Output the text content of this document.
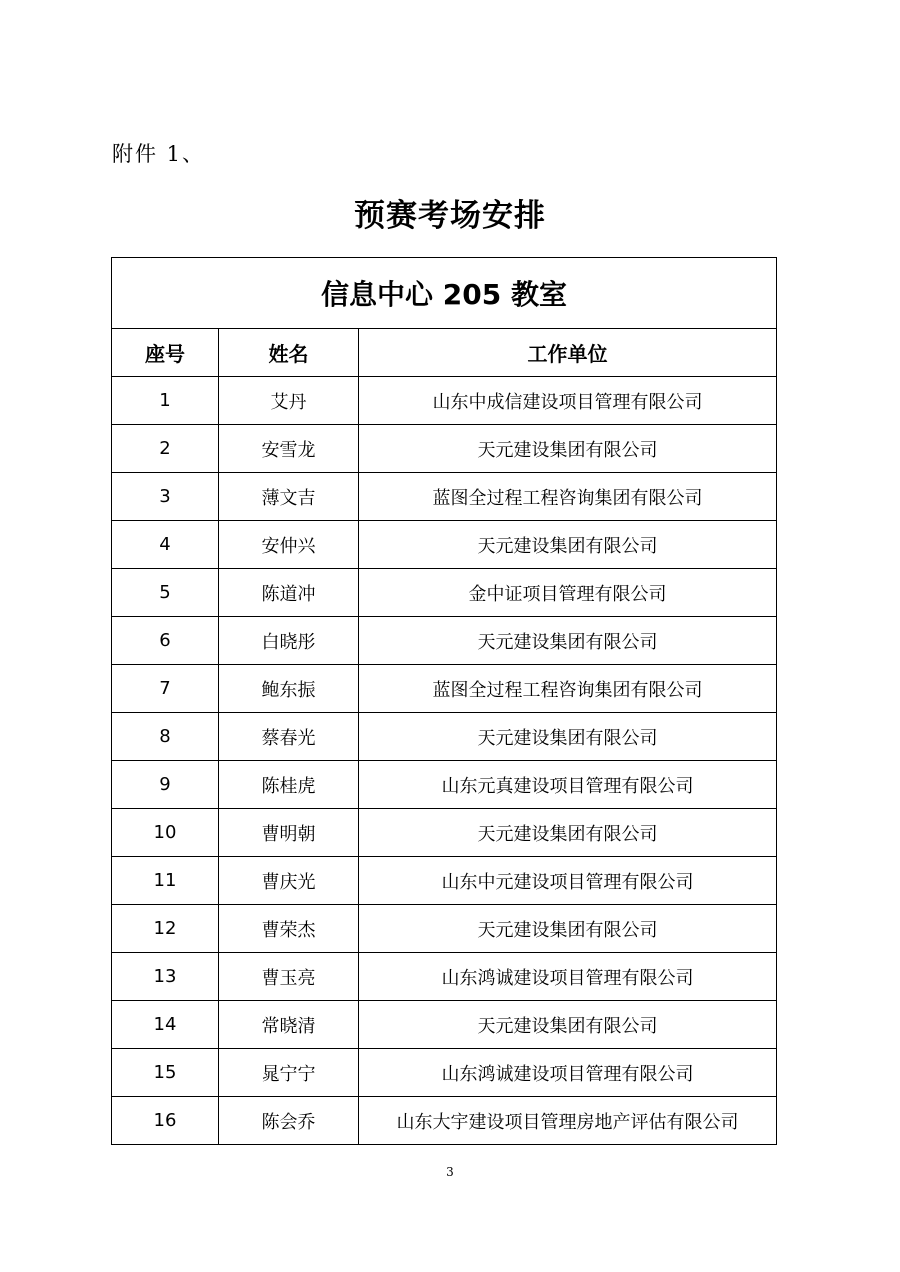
附件 1、
预赛考场安排
信息中心 205 教室		
座号	姓名	工作单位
1	艾丹	山东中成信建设项目管理有限公司
2	安雪龙	天元建设集团有限公司
3	薄文吉	蓝图全过程工程咨询集团有限公司
4	安仲兴	天元建设集团有限公司
5	陈道冲	金中证项目管理有限公司
6	白晓彤	天元建设集团有限公司
7	鲍东振	蓝图全过程工程咨询集团有限公司
8	蔡春光	天元建设集团有限公司
9	陈桂虎	山东元真建设项目管理有限公司
10	曹明朝	天元建设集团有限公司
11	曹庆光	山东中元建设项目管理有限公司
12	曹荣杰	天元建设集团有限公司
13	曹玉亮	山东鸿诚建设项目管理有限公司
14	常晓清	天元建设集团有限公司
15	晁宁宁	山东鸿诚建设项目管理有限公司
16	陈会乔	山东大宇建设项目管理房地产评估有限公司
3
